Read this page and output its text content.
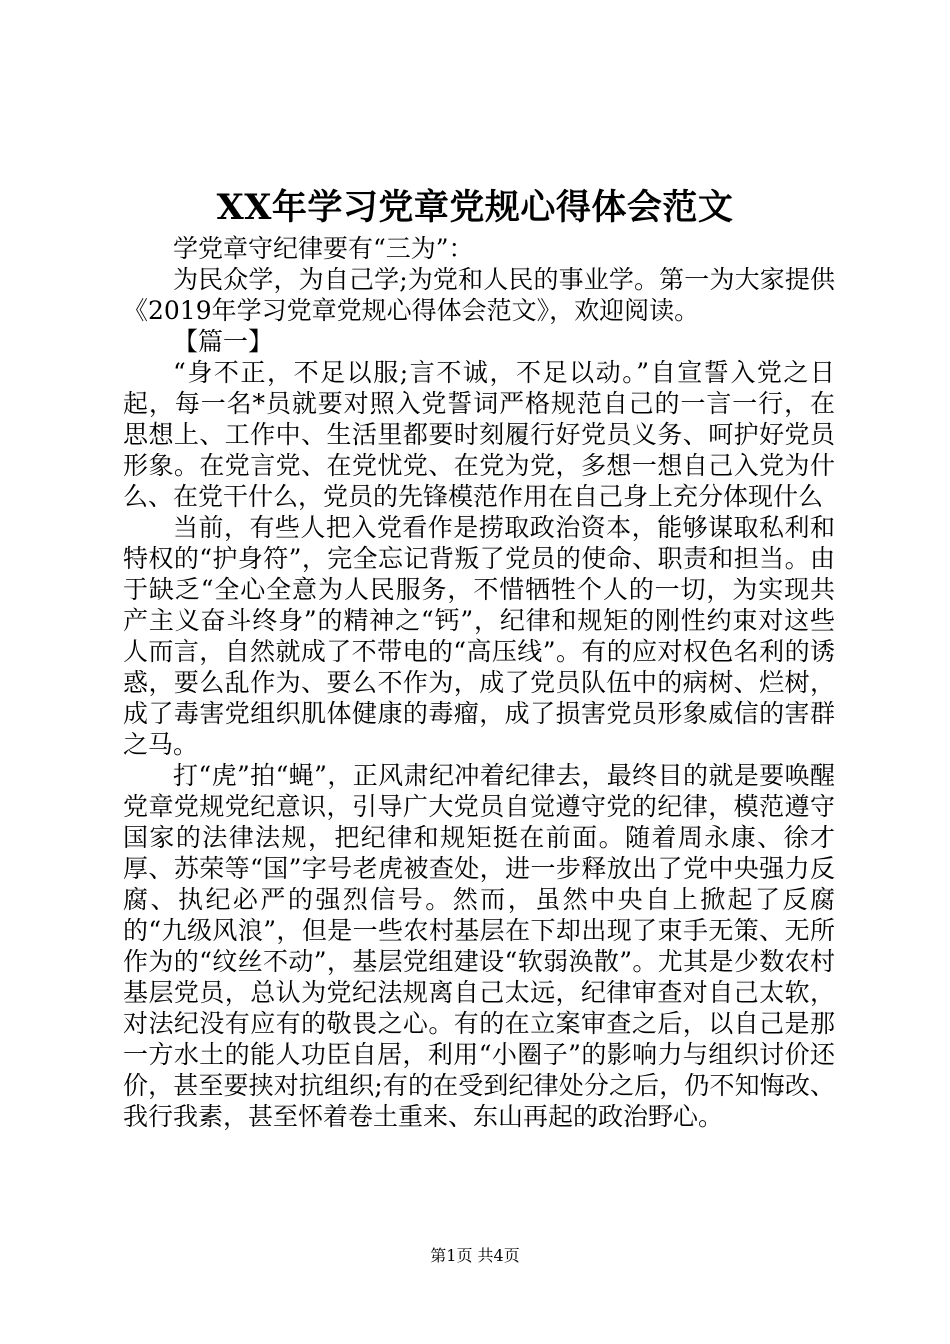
XX年学习党章党规心得体会范文

学党章守纪律要有“三为”：

为民众学，为自己学;为党和人民的事业学。第一为大家提供《2019年学习党章党规心得体会范文》，欢迎阅读。

【篇一】

“身不正，不足以服;言不诚，不足以动。”自宣誓入党之日起，每一名*员就要对照入党誓词严格规范自己的一言一行，在思想上、工作中、生活里都要时刻履行好党员义务、呵护好党员形象。在党言党、在党忧党、在党为党，多想一想自己入党为什么、在党干什么，党员的先锋模范作用在自己身上充分体现什么

当前，有些人把入党看作是捞取政治资本，能够谋取私利和特权的“护身符”，完全忘记背叛了党员的使命、职责和担当。由于缺乏“全心全意为人民服务，不惜牺牲个人的一切，为实现共产主义奋斗终身”的精神之“钙”，纪律和规矩的刚性约束对这些人而言，自然就成了不带电的“高压线”。有的应对权色名利的诱惑，要么乱作为、要么不作为，成了党员队伍中的病树、烂树，成了毒害党组织肌体健康的毒瘤，成了损害党员形象威信的害群之马。

打“虎”拍“蝇”，正风肃纪冲着纪律去，最终目的就是要唤醒党章党规党纪意识，引导广大党员自觉遵守党的纪律，模范遵守国家的法律法规，把纪律和规矩挺在前面。随着周永康、徐才厚、苏荣等“国”字号老虎被查处，进一步释放出了党中央强力反腐、执纪必严的强烈信号。然而，虽然中央自上掀起了反腐的“九级风浪”，但是一些农村基层在下却出现了束手无策、无所作为的“纹丝不动”，基层党组建设“软弱涣散”。尤其是少数农村基层党员，总认为党纪法规离自己太远，纪律审查对自己太软，对法纪没有应有的敬畏之心。有的在立案审查之后，以自己是那一方水土的能人功臣自居，利用“小圈子”的影响力与组织讨价还价，甚至要挟对抗组织;有的在受到纪律处分之后，仍不知悔改、我行我素，甚至怀着卷土重来、东山再起的政治野心。

第1页 共4页
